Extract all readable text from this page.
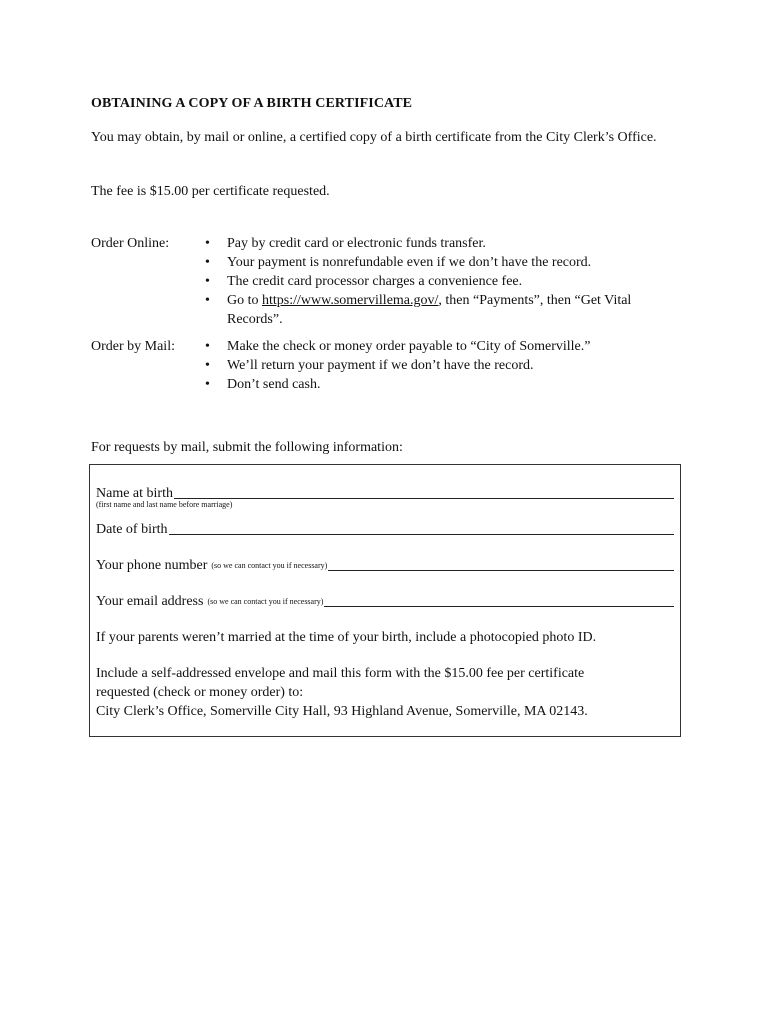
OBTAINING A COPY OF A BIRTH CERTIFICATE

You may obtain, by mail or online, a certified copy of a birth certificate from the City Clerk’s Office.

The fee is $15.00 per certificate requested.

Order Online:	• Pay by credit card or electronic funds transfer.
• Your payment is nonrefundable even if we don’t have the record.
• The credit card processor charges a convenience fee.
• Go to https://www.somervillema.gov/, then “Payments”, then “Get Vital Records”.
Order by Mail:	• Make the check or money order payable to “City of Somerville.”
• We’ll return your payment if we don’t have the record.
• Don’t send cash.

For requests by mail, submit the following information:

Name at birth
(first name and last name before marriage)
Date of birth
Your phone number (so we can contact you if necessary)
Your email address (so we can contact you if necessary)

If your parents weren’t married at the time of your birth, include a photocopied photo ID.

Include a self-addressed envelope and mail this form with the $15.00 fee per certificate
requested (check or money order) to:
City Clerk’s Office, Somerville City Hall, 93 Highland Avenue, Somerville, MA 02143.
